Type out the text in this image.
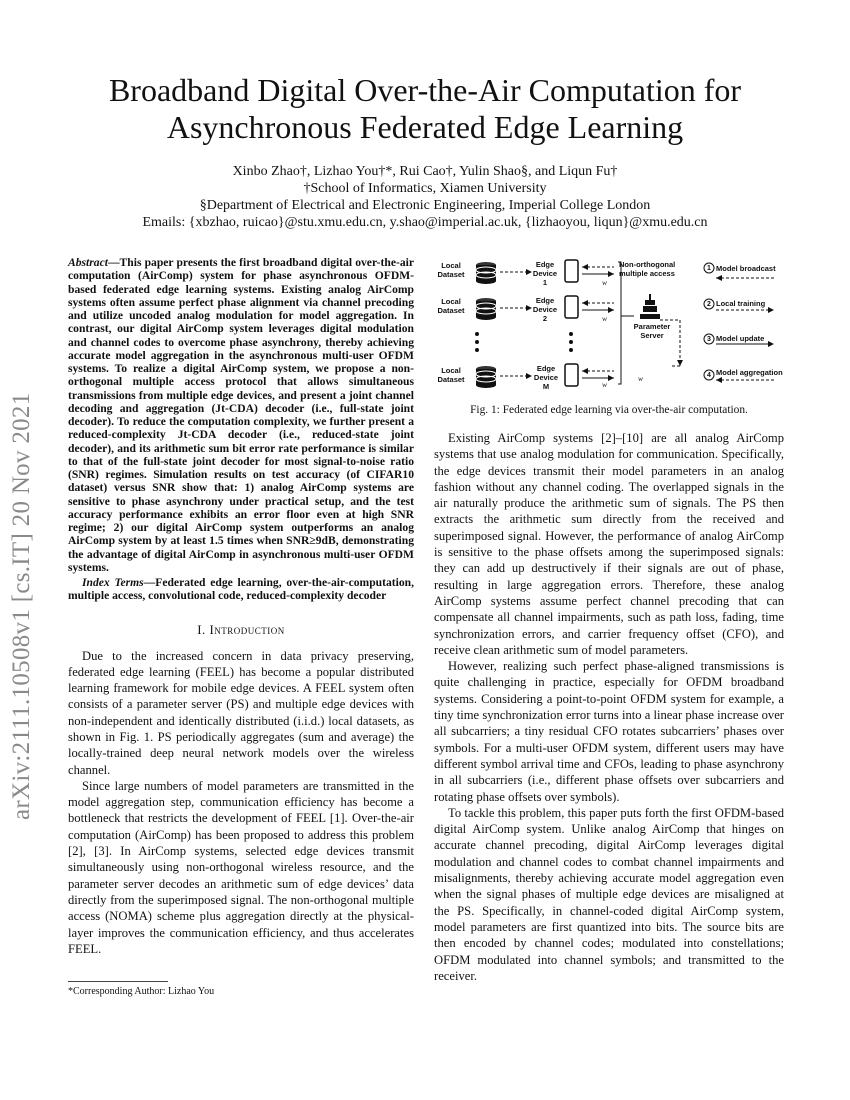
arXiv:2111.10508v1 [cs.IT] 20 Nov 2021
Broadband Digital Over-the-Air Computation for Asynchronous Federated Edge Learning
Xinbo Zhao†, Lizhao You†*, Rui Cao†, Yulin Shao§, and Liqun Fu†
†School of Informatics, Xiamen University
§Department of Electrical and Electronic Engineering, Imperial College London
Emails: {xbzhao, ruicao}@stu.xmu.edu.cn, y.shao@imperial.ac.uk, {lizhaoyou, liqun}@xmu.edu.cn
Abstract—This paper presents the first broadband digital over-the-air computation (AirComp) system for phase asynchronous OFDM-based federated edge learning systems. Existing analog AirComp systems often assume perfect phase alignment via channel precoding and utilize uncoded analog modulation for model aggregation. In contrast, our digital AirComp system leverages digital modulation and channel codes to overcome phase asynchrony, thereby achieving accurate model aggregation in the asynchronous multi-user OFDM systems. To realize a digital AirComp system, we propose a non-orthogonal multiple access protocol that allows simultaneous transmissions from multiple edge devices, and present a joint channel decoding and aggregation (Jt-CDA) decoder (i.e., full-state joint decoder). To reduce the computation complexity, we further present a reduced-complexity Jt-CDA decoder (i.e., reduced-state joint decoder), and its arithmetic sum bit error rate performance is similar to that of the full-state joint decoder for most signal-to-noise ratio (SNR) regimes. Simulation results on test accuracy (of CIFAR10 dataset) versus SNR show that: 1) analog AirComp systems are sensitive to phase asynchrony under practical setup, and the test accuracy performance exhibits an error floor even at high SNR regime; 2) our digital AirComp system outperforms an analog AirComp system by at least 1.5 times when SNR≥9dB, demonstrating the advantage of digital AirComp in asynchronous multi-user OFDM systems.
Index Terms—Federated edge learning, over-the-air-computation, multiple access, convolutional code, reduced-complexity decoder
I. Introduction

Due to the increased concern in data privacy preserving, federated edge learning (FEEL) has become a popular distributed learning framework for mobile edge devices. A FEEL system often consists of a parameter server (PS) and multiple edge devices with non-independent and identically distributed (i.i.d.) local datasets, as shown in Fig. 1. PS periodically aggregates (sum and average) the locally-trained deep neural network models over the wireless channel.

Since large numbers of model parameters are transmitted in the model aggregation step, communication efficiency has become a bottleneck that restricts the development of FEEL [1]. Over-the-air computation (AirComp) has been proposed to address this problem [2], [3]. In AirComp systems, selected edge devices transmit simultaneously using non-orthogonal wireless resource, and the parameter server decodes an arithmetic sum of edge devices’ data directly from the superimposed signal. The non-orthogonal multiple access (NOMA) scheme plus aggregation directly at the physical-layer improves the communication efficiency, and thus accelerates FEEL.

*Corresponding Author: Lizhao You
Local Dataset
Local Dataset
Local Dataset
Edge Device 1
Edge Device 2
Edge Device M
Non-orthogonal multiple access
Parameter Server
w
w
w
w
1
2
3
4
Model broadcast
Local training
Model update
Model aggregation
Fig. 1: Federated edge learning via over-the-air computation.

Existing AirComp systems [2]–[10] are all analog AirComp systems that use analog modulation for communication. Specifically, the edge devices transmit their model parameters in an analog fashion without any channel coding. The overlapped signals in the air naturally produce the arithmetic sum of signals. The PS then extracts the arithmetic sum directly from the received and superimposed signal. However, the performance of analog AirComp is sensitive to the phase offsets among the superimposed signals: they can add up destructively if their signals are out of phase, resulting in large aggregation errors. Therefore, these analog AirComp systems assume perfect channel precoding that can compensate all channel impairments, such as path loss, fading, time synchronization errors, and carrier frequency offset (CFO), and receive clean arithmetic sum of model parameters.

However, realizing such perfect phase-aligned transmissions is quite challenging in practice, especially for OFDM broadband systems. Considering a point-to-point OFDM system for example, a tiny time synchronization error turns into a linear phase increase over all subcarriers; a tiny residual CFO rotates subcarriers’ phases over symbols. For a multi-user OFDM system, different users may have different symbol arrival time and CFOs, leading to phase asynchrony in all subcarriers (i.e., different phase offsets over subcarriers and rotating phase offsets over symbols).

To tackle this problem, this paper puts forth the first OFDM-based digital AirComp system. Unlike analog AirComp that hinges on accurate channel precoding, digital AirComp leverages digital modulation and channel codes to combat channel impairments and misalignments, thereby achieving accurate model aggregation even when the signal phases of multiple edge devices are misaligned at the PS. Specifically, in channel-coded digital AirComp system, model parameters are first quantized into bits. The source bits are then encoded by channel codes; modulated into constellations; OFDM modulated into channel symbols; and transmitted to the receiver.
